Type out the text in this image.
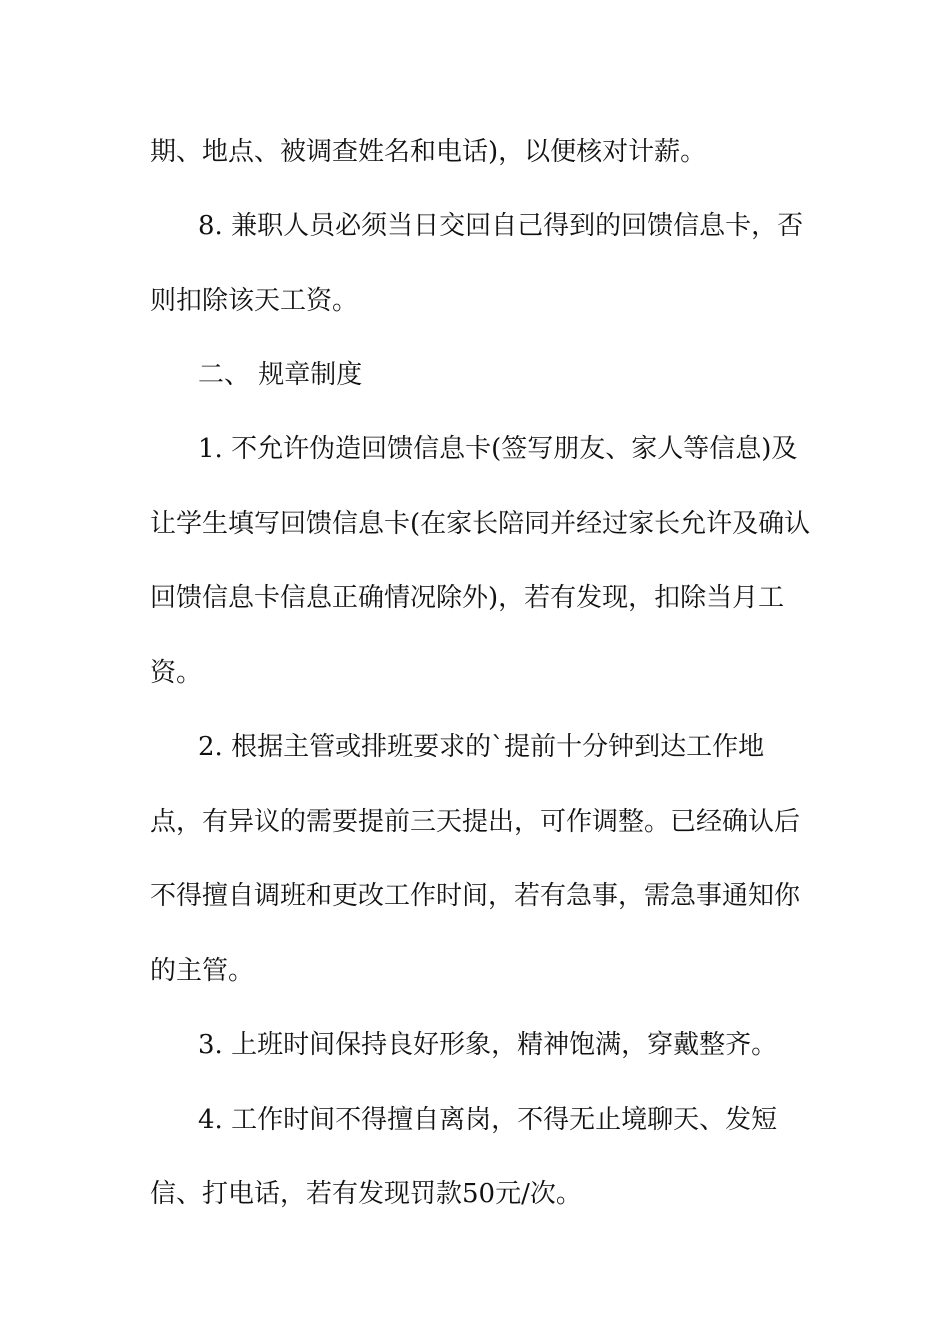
期、地点、被调查姓名和电话)，以便核对计薪。
8. 兼职人员必须当日交回自己得到的回馈信息卡，否
则扣除该天工资。
二、 规章制度
1. 不允许伪造回馈信息卡(签写朋友、家人等信息)及
让学生填写回馈信息卡(在家长陪同并经过家长允许及确认
回馈信息卡信息正确情况除外)，若有发现，扣除当月工
资。
2. 根据主管或排班要求的`提前十分钟到达工作地
点，有异议的需要提前三天提出，可作调整。已经确认后
不得擅自调班和更改工作时间，若有急事，需急事通知你
的主管。
3. 上班时间保持良好形象，精神饱满，穿戴整齐。
4. 工作时间不得擅自离岗，不得无止境聊天、发短
信、打电话，若有发现罚款50元/次。
